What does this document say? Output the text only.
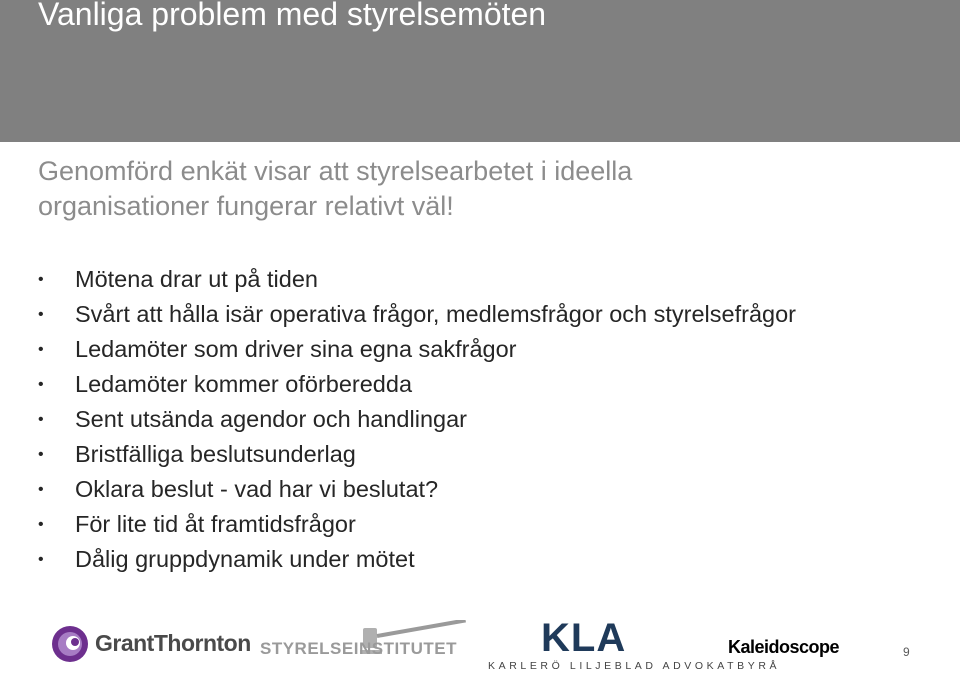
Vanliga problem med styrelsemöten
Genomförd enkät visar att styrelsearbetet i ideella
organisationer fungerar relativt väl!
• Mötena drar ut på tiden
• Svårt att hålla isär operativa frågor, medlemsfrågor och styrelsefrågor
• Ledamöter som driver sina egna sakfrågor
• Ledamöter kommer oförberedda
• Sent utsända agendor och handlingar
• Bristfälliga beslutsunderlag
• Oklara beslut - vad har vi beslutat?
• För lite tid åt framtidsfrågor
• Dålig gruppdynamik under mötet
GrantThornton STYRELSEINSTITUTET KLA
KARLERÖ LILJEBLAD ADVOKATBYRÅ
Kaleidoscope	9
